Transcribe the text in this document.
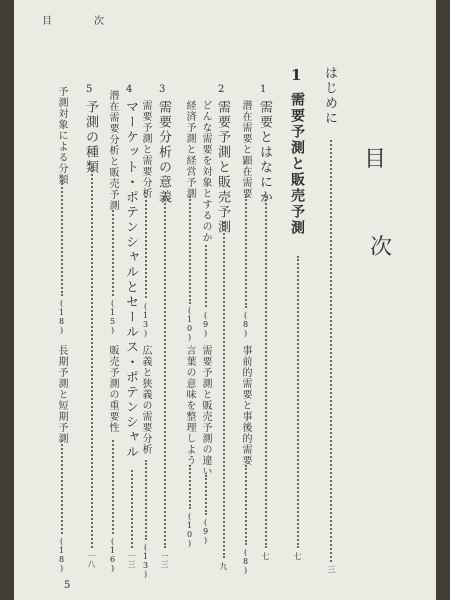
目	次
目
次
はじめに
三
1
需要予測と販売予測
七
1
需要とはなにか
七
潜在需要と顕在需要
(8)
事前的需要と事後的需要
(8)
2
需要予測と販売予測
九
どんな需要を対象とするのか
(9)
需要予測と販売予測の違い
(9)
経済予測と経営予測
(10)
言葉の意味を整理しよう
(10)
3
需要分析の意義
一三
需要予測と需要分析
(13)
広義と狭義の需要分析
(13)
4
マーケット・ポテンシャルとセールス・ポテンシャル
一三
潜在需要分析と販売予測
(15)
販売予測の重要性
(16)
5
予測の種類
一八
予測対象による分類
(18)
長期予測と短期予測
(18)
5
